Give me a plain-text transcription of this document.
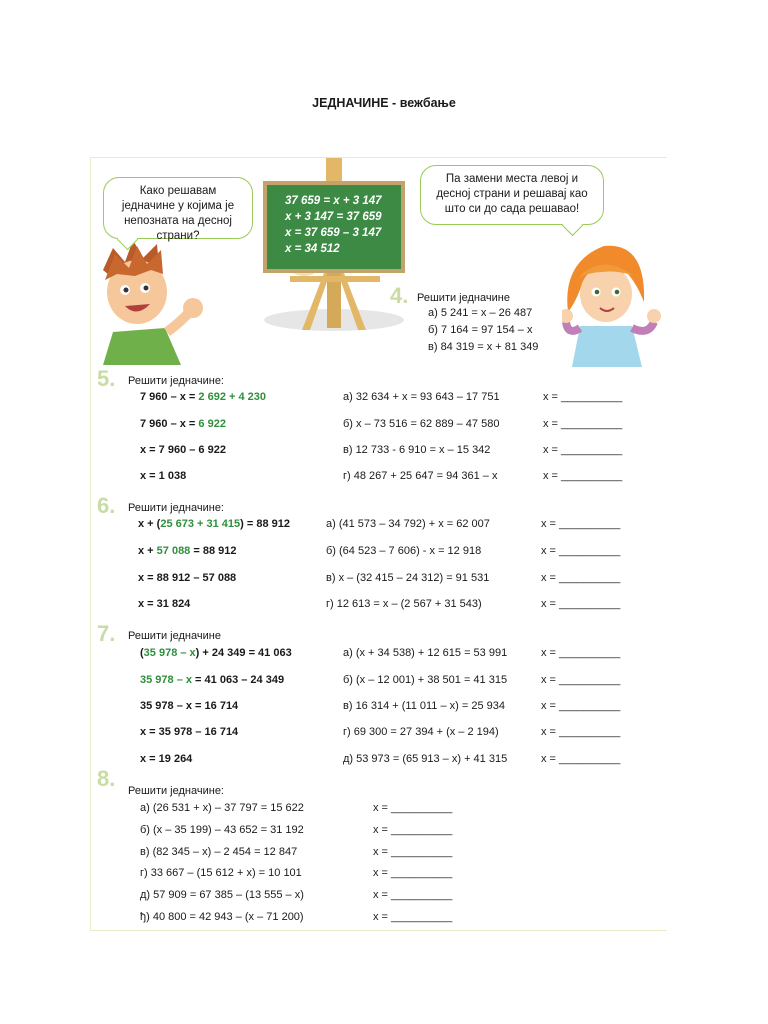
ЈЕДНАЧИНЕ - вежбање
Како решавам једначине у којима је непозната на десној страни?
37 659 = x + 3 147
x + 3 147 = 37 659
x = 37 659 – 3 147
x = 34 512
Па замени места левој и десној страни и решавај као што си до сада решавао!
4. Решити једначине
а) 5 241 = x – 26 487
б) 7 164 = 97 154 – x
в) 84 319 = x + 81 349
5. Решити једначине:
7 960 – x = 2 692 + 4 230
7 960 – x = 6 922
x = 7 960 – 6 922
x = 1 038
а) 32 634 + x = 93 643 – 17 751
б) x – 73 516 = 62 889 – 47 580
в) 12 733 - 6 910 = x – 15 342
г) 48 267 + 25 647 = 94 361 – x
x = __________
x = __________
x = __________
x = __________
6. Решити једначине:
x + (25 673 + 31 415) = 88 912
x + 57 088 = 88 912
x = 88 912 – 57 088
x = 31 824
а) (41 573 – 34 792) + x = 62 007
б) (64 523 – 7 606) - x = 12 918
в) x – (32 415 – 24 312) = 91 531
г) 12 613 = x – (2 567 + 31 543)
x = __________
x = __________
x = __________
x = __________
7. Решити једначине
(35 978 – x) + 24 349 = 41 063
35 978 – x = 41 063 – 24 349
35 978 – x = 16 714
x = 35 978 – 16 714
x = 19 264
а) (x + 34 538) + 12 615 = 53 991
б) (x – 12 001) + 38 501 = 41 315
в) 16 314 + (11 011 – x) = 25 934
г) 69 300 = 27 394 + (x – 2 194)
д) 53 973 = (65 913 – x) + 41 315
x = __________
x = __________
x = __________
x = __________
x = __________
8. Решити једначине:
а) (26 531 + x) – 37 797 = 15 622
б) (x – 35 199) – 43 652 = 31 192
в) (82 345 – x) – 2 454 = 12 847
г) 33 667 – (15 612 + x) = 10 101
д) 57 909 = 67 385 – (13 555 – x)
ђ) 40 800 = 42 943 – (x – 71 200)
x = __________
x = __________
x = __________
x = __________
x = __________
x = __________
